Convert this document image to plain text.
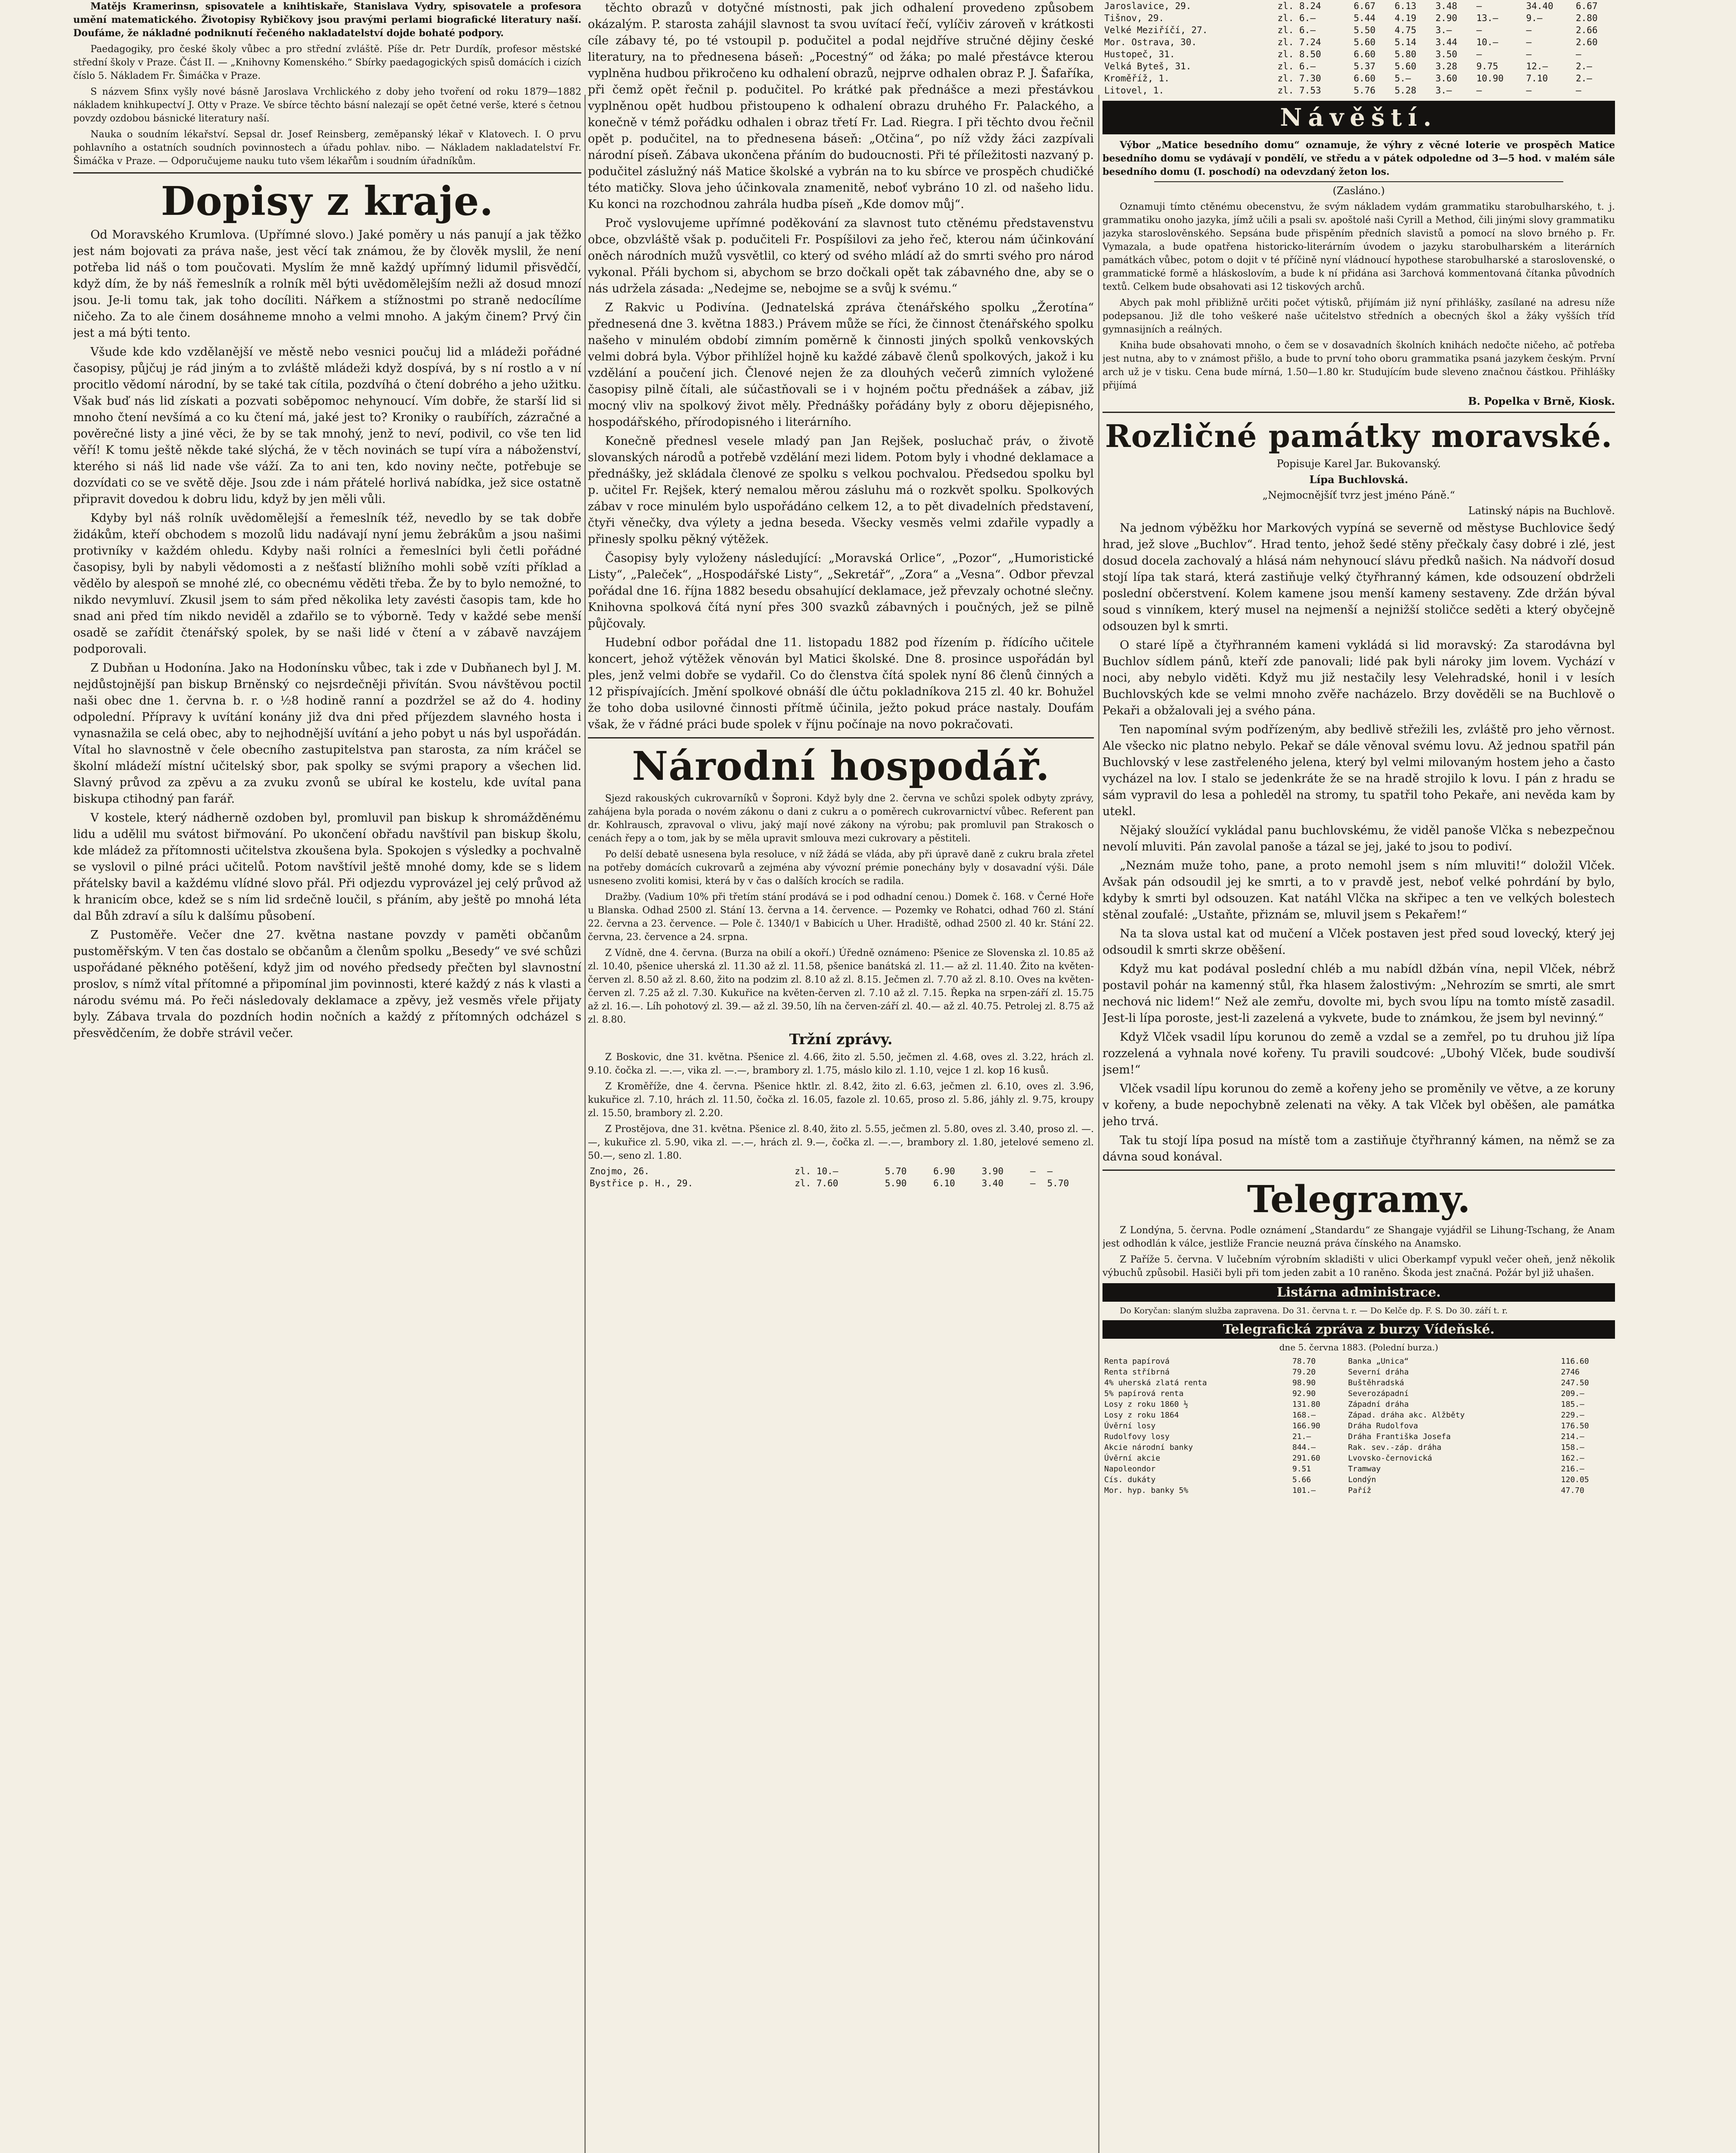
Matějs Kramerinsn, spisovatele a knihtiskaře, Stanislava Vydry, spisovatele a profesora umění matematického. Životopisy Rybičkovy jsou pravými perlami biografické literatury naší. Doufáme, že nákladné podniknutí řečeného nakladatelství dojde bohaté podpory.

Paedagogiky, pro české školy vůbec a pro střední zvláště. Píše dr. Petr Durdík, profesor městské střední školy v Praze. Část II. — „Knihovny Komenského.“ Sbírky paedagogických spisů domácích i cizích číslo 5. Nákladem Fr. Šimáčka v Praze.

S názvem Sfinx vyšly nové básně Jaroslava Vrchlického z doby jeho tvoření od roku 1879—1882 nákladem knihkupectví J. Otty v Praze. Ve sbírce těchto básní nalezají se opět četné verše, které s četnou povzdy ozdobou básnické literatury naší.

Nauka o soudním lékařství. Sepsal dr. Josef Reinsberg, zeměpanský lékař v Klatovech. I. O prvu pohlavního a ostatních soudních povinnostech a úřadu pohlav. nibo. — Nákladem nakladatelství Fr. Šimáčka v Praze. — Odporučujeme nauku tuto všem lékařům i soudním úřadníkům.

Dopisy z kraje.

Od Moravského Krumlova. (Upřímné slovo.) Jaké poměry u nás panují a jak těžko jest nám bojovati za práva naše, jest věcí tak známou, že by člověk myslil, že není potřeba lid náš o tom poučovati. Myslím že mně každý upřímný lidumil přisvědčí, když dím, že by náš řemeslník a rolník měl býti uvědomělejším nežli až dosud mnozí jsou. Je-li tomu tak, jak toho docíliti. Nářkem a stížnostmi po straně nedocílíme ničeho. Za to ale činem dosáhneme mnoho a velmi mnoho. A jakým činem? Prvý čin jest a má býti tento.

Všude kde kdo vzdělanější ve městě nebo vesnici poučuj lid a mládeži pořádné časopisy, půjčuj je rád jiným a to zvláště mládeži když dospívá, by s ní rostlo a v ní procitlo vědomí národní, by se také tak cítila, pozdvíhá o čtení dobrého a jeho užitku. Však buď nás lid získati a pozvati soběpomoc nehynoucí. Vím dobře, že starší lid si mnoho čtení nevšímá a co ku čtení má, jaké jest to? Kroniky o raubířích, zázračné a pověrečné listy a jiné věci, že by se tak mnohý, jenž to neví, podivil, co vše ten lid věří! K tomu ještě někde také slýchá, že v těch novinách se tupí víra a náboženství, kterého si náš lid nade vše váží. Za to ani ten, kdo noviny nečte, potřebuje se dozvídati co se ve světě děje. Jsou zde i nám přátelé horlivá nabídka, jež sice ostatně připravit dovedou k dobru lidu, když by jen měli vůli.

Kdyby byl náš rolník uvědomělejší a řemeslník též, nevedlo by se tak dobře židákům, kteří obchodem s mozolů lidu nadávají nyní jemu žebrákům a jsou našimi protivníky v každém ohledu. Kdyby naši rolníci a řemeslníci byli četli pořádné časopisy, byli by nabyli vědomosti a z nešťastí bližního mohli sobě vzíti příklad a vědělo by alespoň se mnohé zlé, co obecnému věděti třeba. Že by to bylo nemožné, to nikdo nevymluví. Zkusil jsem to sám před několika lety zavésti časopis tam, kde ho snad ani před tím nikdo neviděl a zdařilo se to výborně. Tedy v každé sebe menší osadě se zařídit čtenářský spolek, by se naši lidé v čtení a v zábavě navzájem podporovali.

Z Dubňan u Hodonína. Jako na Hodonínsku vůbec, tak i zde v Dubňanech byl J. M. nejdůstojnější pan biskup Brněnský co nejsrdečněji přivítán. Svou návštěvou poctil naši obec dne 1. června b. r. o ½8 hodině ranní a pozdržel se až do 4. hodiny odpolední. Přípravy k uvítání konány již dva dni před příjezdem slavného hosta i vynasnažila se celá obec, aby to nejhodnější uvítání a jeho pobyt u nás byl uspořádán. Vítal ho slavnostně v čele obecního zastupitelstva pan starosta, za ním kráčel se školní mládeží místní učitelský sbor, pak spolky se svými prapory a všechen lid. Slavný průvod za zpěvu a za zvuku zvonů se ubíral ke kostelu, kde uvítal pana biskupa ctihodný pan farář.

V kostele, který nádherně ozdoben byl, promluvil pan biskup k shromážděnému lidu a udělil mu svátost biřmování. Po ukončení obřadu navštívil pan biskup školu, kde mládež za přítomnosti učitelstva zkoušena byla. Spokojen s výsledky a pochvalně se vyslovil o pilné práci učitelů. Potom navštívil ještě mnohé domy, kde se s lidem přátelsky bavil a každému vlídné slovo přál. Při odjezdu vyprovázel jej celý průvod až k hranicím obce, kdež se s ním lid srdečně loučil, s přáním, aby ještě po mnohá léta dal Bůh zdraví a sílu k dalšímu působení.

Z Pustoměře. Večer dne 27. května nastane povzdy v paměti občanům pustoměřským. V ten čas dostalo se občanům a členům spolku „Besedy“ ve své schůzi uspořádané pěkného potěšení, když jim od nového předsedy přečten byl slavnostní proslov, s nímž vítal přítomné a připomínal jim povinnosti, které každý z nás k vlasti a národu svému má. Po řeči následovaly deklamace a zpěvy, jež vesměs vřele přijaty byly. Zábava trvala do pozdních hodin nočních a každý z přítomných odcházel s přesvědčením, že dobře strávil večer.

těchto obrazů v dotyčné místnosti, pak jich odhalení provedeno způsobem okázalým. P. starosta zahájil slavnost ta svou uvítací řečí, vylíčiv zároveň v krátkosti cíle zábavy té, po té vstoupil p. podučitel a podal nejdříve stručné dějiny české literatury, na to přednesena báseň: „Pocestný“ od žáka; po malé přestávce kterou vyplněna hudbou přikročeno ku odhalení obrazů, nejprve odhalen obraz P. J. Šafaříka, při čemž opět řečnil p. podučitel. Po krátké pak přednášce a mezi přestávkou vyplněnou opět hudbou přistoupeno k odhalení obrazu druhého Fr. Palackého, a konečně v témž pořádku odhalen i obraz třetí Fr. Lad. Riegra. I při těchto dvou řečnil opět p. podučitel, na to přednesena báseň: „Otčina“, po níž vždy žáci zazpívali národní píseň. Zábava ukončena přáním do budoucnosti. Při té příležitosti nazvaný p. podučitel záslužný náš Matice školské a vybrán na to ku sbírce ve prospěch chudičké této matičky. Slova jeho účinkovala znamenitě, neboť vybráno 10 zl. od našeho lidu. Ku konci na rozchodnou zahrála hudba píseň „Kde domov můj“.

Proč vyslovujeme upřímné poděkování za slavnost tuto ctěnému představenstvu obce, obzvláště však p. podučiteli Fr. Pospíšilovi za jeho řeč, kterou nám účinkování oněch národních mužů vysvětlil, co který od svého mládí až do smrti svého pro národ vykonal. Přáli bychom si, abychom se brzo dočkali opět tak zábavného dne, aby se o nás udržela zásada: „Nedejme se, nebojme se a svůj k svému.“

Z Rakvic u Podivína. (Jednatelská zpráva čtenářského spolku „Žerotína“ přednesená dne 3. května 1883.) Právem může se říci, že činnost čtenářského spolku našeho v minulém období zimním poměrně k činnosti jiných spolků venkovských velmi dobrá byla. Výbor přihlížel hojně ku každé zábavě členů spolkových, jakož i ku vzdělání a poučení jich. Členové nejen že za dlouhých večerů zimních vyložené časopisy pilně čítali, ale súčastňovali se i v hojném počtu přednášek a zábav, již mocný vliv na spolkový život měly. Přednášky pořádány byly z oboru dějepisného, hospodářského, přírodopisného i literárního.

Konečně přednesl vesele mladý pan Jan Rejšek, posluchač práv, o životě slovanských národů a potřebě vzdělání mezi lidem. Potom byly i vhodné deklamace a přednášky, jež skládala členové ze spolku s velkou pochvalou. Předsedou spolku byl p. učitel Fr. Rejšek, který nemalou měrou zásluhu má o rozkvět spolku. Spolkových zábav v roce minulém bylo uspořádáno celkem 12, a to pět divadelních představení, čtyři věnečky, dva výlety a jedna beseda. Všecky vesměs velmi zdařile vypadly a přinesly spolku pěkný výtěžek.

Časopisy byly vyloženy následující: „Moravská Orlice“, „Pozor“, „Humoristické Listy“, „Paleček“, „Hospodářské Listy“, „Sekretář“, „Zora“ a „Vesna“. Odbor převzal pořádal dne 16. října 1882 besedu obsahující deklamace, jež převzaly ochotné slečny. Knihovna spolková čítá nyní přes 300 svazků zábavných i poučných, jež se pilně půjčovaly.

Hudební odbor pořádal dne 11. listopadu 1882 pod řízením p. řídícího učitele koncert, jehož výtěžek věnován byl Matici školské. Dne 8. prosince uspořádán byl ples, jenž velmi dobře se vydařil. Co do členstva čítá spolek nyní 86 členů činných a 12 přispívajících. Jmění spolkové obnáší dle účtu pokladníkova 215 zl. 40 kr. Bohužel že toho doba usilovné činnosti přítmě účinila, ježto pokud práce nastaly. Doufám však, že v řádné práci bude spolek v říjnu počínaje na novo pokračovati.

Národní hospodář.

Sjezd rakouských cukrovarníků v Šoproni. Když byly dne 2. června ve schůzi spolek odbyty zprávy, zahájena byla porada o novém zákonu o dani z cukru a o poměrech cukrovarnictví vůbec. Referent pan dr. Kohlrausch, zpravoval o vlivu, jaký mají nové zákony na výrobu; pak promluvil pan Strakosch o cenách řepy a o tom, jak by se měla upravit smlouva mezi cukrovary a pěstiteli.

Po delší debatě usnesena byla resoluce, v níž žádá se vláda, aby při úpravě daně z cukru brala zřetel na potřeby domácích cukrovarů a zejména aby vývozní prémie ponechány byly v dosavadní výši. Dále usneseno zvoliti komisi, která by v čas o dalších krocích se radila.

Dražby. (Vadium 10% při třetím stání prodává se i pod odhadní cenou.) Domek č. 168. v Černé Hoře u Blanska. Odhad 2500 zl. Stání 13. června a 14. července. — Pozemky ve Rohatci, odhad 760 zl. Stání 22. června a 23. července. — Pole č. 1340/1 v Babicích u Uher. Hradiště, odhad 2500 zl. 40 kr. Stání 22. června, 23. července a 24. srpna.

Z Vídně, dne 4. června. (Burza na obilí a okoří.) Úředně oznámeno: Pšenice ze Slovenska zl. 10.85 až zl. 10.40, pšenice uherská zl. 11.30 až zl. 11.58, pšenice banátská zl. 11.— až zl. 11.40. Žito na květen-červen zl. 8.50 až zl. 8.60, žito na podzim zl. 8.10 až zl. 8.15. Ječmen zl. 7.70 až zl. 8.10. Oves na květen-červen zl. 7.25 až zl. 7.30. Kukuřice na květen-červen zl. 7.10 až zl. 7.15. Řepka na srpen-září zl. 15.75 až zl. 16.—. Líh pohotový zl. 39.— až zl. 39.50, líh na červen-září zl. 40.— až zl. 40.75. Petrolej zl. 8.75 až zl. 8.80.

Tržní zprávy.

Z Boskovic, dne 31. května. Pšenice zl. 4.66, žito zl. 5.50, ječmen zl. 4.68, oves zl. 3.22, hrách zl. 9.10. čočka zl. —.—, vika zl. —.—, brambory zl. 1.75, máslo kilo zl. 1.10, vejce 1 zl. kop 16 kusů.

Z Kroměříže, dne 4. června. Pšenice hktlr. zl. 8.42, žito zl. 6.63, ječmen zl. 6.10, oves zl. 3.96, kukuřice zl. 7.10, hrách zl. 11.50, čočka zl. 16.05, fazole zl. 10.65, proso zl. 5.86, jáhly zl. 9.75, kroupy zl. 15.50, brambory zl. 2.20.

Z Prostějova, dne 31. května. Pšenice zl. 8.40, žito zl. 5.55, ječmen zl. 5.80, oves zl. 3.40, proso zl. —.—, kukuřice zl. 5.90, vika zl. —.—, hrách zl. 9.—, čočka zl. —.—, brambory zl. 1.80, jetelové semeno zl. 50.—, seno zl. 1.80.

Znojmo, 26.	zl. 10.—	5.70	6.90	3.90	—	—
Bystřice p. H., 29.	zl. 7.60	5.90	6.10	3.40	—	5.70
Jaroslavice, 29.	zl. 8.24	6.67	6.13	3.48	—	34.40	6.67
Tišnov, 29.	zl. 6.—	5.44	4.19	2.90	13.—	9.—	2.80
Velké Meziříčí, 27.	zl. 6.—	5.50	4.75	3.—	—	—	2.66
Mor. Ostrava, 30.	zl. 7.24	5.60	5.14	3.44	10.—	—	2.60
Hustopeč, 31.	zl. 8.50	6.60	5.80	3.50	—	—	—
Velká Byteš, 31.	zl. 6.—	5.37	5.60	3.28	9.75	12.—	2.—
Kroměříž, 1.	zl. 7.30	6.60	5.—	3.60	10.90	7.10	2.—
Litovel, 1.	zl. 7.53	5.76	5.28	3.—	—	—	—
Návěští.

Výbor „Matice besedního domu“ oznamuje, že výhry z věcné loterie ve prospěch Matice besedního domu se vydávají v pondělí, ve středu a v pátek odpoledne od 3—5 hod. v malém sále besedního domu (I. poschodí) na odevzdaný žeton los.

(Zasláno.)

Oznamuji tímto ctěnému obecenstvu, že svým nákladem vydám grammatiku starobulharského, t. j. grammatiku onoho jazyka, jímž učili a psali sv. apoštolé naši Cyrill a Method, čili jinými slovy grammatiku jazyka staroslověnského. Sepsána bude přispěním předních slavistů a pomocí na slovo brného p. Fr. Vymazala, a bude opatřena historicko-literárním úvodem o jazyku starobulharském a literárních památkách vůbec, potom o dojit v té příčině nyní vládnoucí hypothese starobulharské a staroslovenské, o grammatické formě a hláskoslovím, a bude k ní přidána asi 3archová kommentovaná čítanka původních textů. Celkem bude obsahovati asi 12 tiskových archů.

Abych pak mohl přibližně určiti počet výtisků, přijímám již nyní přihlášky, zasílané na adresu níže podepsanou. Již dle toho veškeré naše učitelstvo středních a obecných škol a žáky vyšších tříd gymnasijních a reálných.

Kniha bude obsahovati mnoho, o čem se v dosavadních školních knihách nedočte ničeho, ač potřeba jest nutna, aby to v známost přišlo, a bude to první toho oboru grammatika psaná jazykem českým. První arch už je v tisku. Cena bude mírná, 1.50—1.80 kr. Studujícím bude sleveno značnou částkou. Přihlášky přijímá

B. Popelka v Brně, Kiosk.
Rozličné památky moravské.
Popisuje Karel Jar. Bukovanský.
Lípa Buchlovská.
„Nejmocnějšíť tvrz jest jméno Páně.“
Latinský nápis na Buchlově.

Na jednom výběžku hor Markových vypíná se severně od městyse Buchlovice šedý hrad, jež slove „Buchlov“. Hrad tento, jehož šedé stěny přečkaly časy dobré i zlé, jest dosud docela zachovalý a hlásá nám nehynoucí slávu předků našich. Na nádvoří dosud stojí lípa tak stará, která zastiňuje velký čtyřhranný kámen, kde odsouzení obdrželi poslední občerstvení. Kolem kamene jsou menší kameny sestaveny. Zde držán býval soud s vinníkem, který musel na nejmenší a nejnižší stoličce seděti a který obyčejně odsouzen byl k smrti.

O staré lípě a čtyřhranném kameni vykládá si lid moravský: Za starodávna byl Buchlov sídlem pánů, kteří zde panovali; lidé pak byli nároky jim lovem. Vychází v noci, aby nebylo viděti. Když mu již nestačily lesy Velehradské, honil i v lesích Buchlovských kde se velmi mnoho zvěře nacházelo. Brzy dověděli se na Buchlově o Pekaři a obžalovali jej a svého pána.

Ten napomínal svým podřízeným, aby bedlivě střežili les, zvláště pro jeho věrnost. Ale všecko nic platno nebylo. Pekař se dále věnoval svému lovu. Až jednou spatřil pán Buchlovský v lese zastřeleného jelena, který byl velmi milovaným hostem jeho a často vycházel na lov. I stalo se jedenkráte že se na hradě strojilo k lovu. I pán z hradu se sám vypravil do lesa a pohleděl na stromy, tu spatřil toho Pekaře, ani nevěda kam by utekl.

Nějaký sloužící vykládal panu buchlovskému, že viděl panoše Vlčka s nebezpečnou nevolí mluviti. Pán zavolal panoše a tázal se jej, jaké to jsou to podiví.

„Neznám muže toho, pane, a proto nemohl jsem s ním mluviti!“ doložil Vlček. Avšak pán odsoudil jej ke smrti, a to v pravdě jest, neboť velké pohrdání by bylo, kdyby k smrti byl odsouzen. Kat natáhl Vlčka na skřipec a ten ve velkých bolestech stěnal zoufalé: „Ustaňte, přiznám se, mluvil jsem s Pekařem!“

Na ta slova ustal kat od mučení a Vlček postaven jest před soud lovecký, který jej odsoudil k smrti skrze oběšení.

Když mu kat podával poslední chléb a mu nabídl džbán vína, nepil Vlček, nébrž postavil pohár na kamenný stůl, řka hlasem žalostivým: „Nehrozím se smrti, ale smrt nechová nic lidem!“ Než ale zemřu, dovolte mi, bych svou lípu na tomto místě zasadil. Jest-li lípa poroste, jest-li zazelená a vykvete, bude to známkou, že jsem byl nevinný.“

Když Vlček vsadil lípu korunou do země a vzdal se a zemřel, po tu druhou již lípa rozzelená a vyhnala nové kořeny. Tu pravili soudcové: „Ubohý Vlček, bude soudivší jsem!“

Vlček vsadil lípu korunou do země a kořeny jeho se proměnily ve větve, a ze koruny v kořeny, a bude nepochybně zelenati na věky. A tak Vlček byl oběšen, ale památka jeho trvá.

Tak tu stojí lípa posud na místě tom a zastiňuje čtyřhranný kámen, na němž se za dávna soud konával.

Telegramy.

Z Londýna, 5. června. Podle oznámení „Standardu“ ze Shangaje vyjádřil se Lihung-Tschang, že Anam jest odhodlán k válce, jestliže Francie neuzná práva čínského na Anamsko.

Z Paříže 5. června. V lučebním výrobním skladišti v ulici Oberkampf vypukl večer oheň, jenž několik výbuchů způsobil. Hasiči byli při tom jeden zabit a 10 raněno. Škoda jest značná. Požár byl již uhašen.

Listárna administrace.

Do Koryčan: slaným služba zapravena. Do 31. června t. r. — Do Kelče dp. F. S. Do 30. září t. r.

Telegrafická zpráva z burzy Vídeňské.
dne 5. června 1883. (Polední burza.)
Renta papírová	78.70	Banka „Unica“	116.60
Renta stříbrná	79.20	Severní dráha	2746
4% uherská zlatá renta	98.90	Buštěhradská	247.50
5% papírová renta	92.90	Severozápadní	209.—
Losy z roku 1860 ½	131.80	Západní dráha	185.—
Losy z roku 1864	168.—	Západ. dráha akc. Alžběty	229.—
Úvěrní losy	166.90	Dráha Rudolfova	176.50
Rudolfovy losy	21.—	Dráha Františka Josefa	214.—
Akcie národní banky	844.—	Rak. sev.-záp. dráha	158.—
Úvěrní akcie	291.60	Lvovsko-černovická	162.—
Napoleondor	9.51	Tramway	216.—
Cís. dukáty	5.66	Londýn	120.05
Mor. hyp. banky 5%	101.—	Paříž	47.70
